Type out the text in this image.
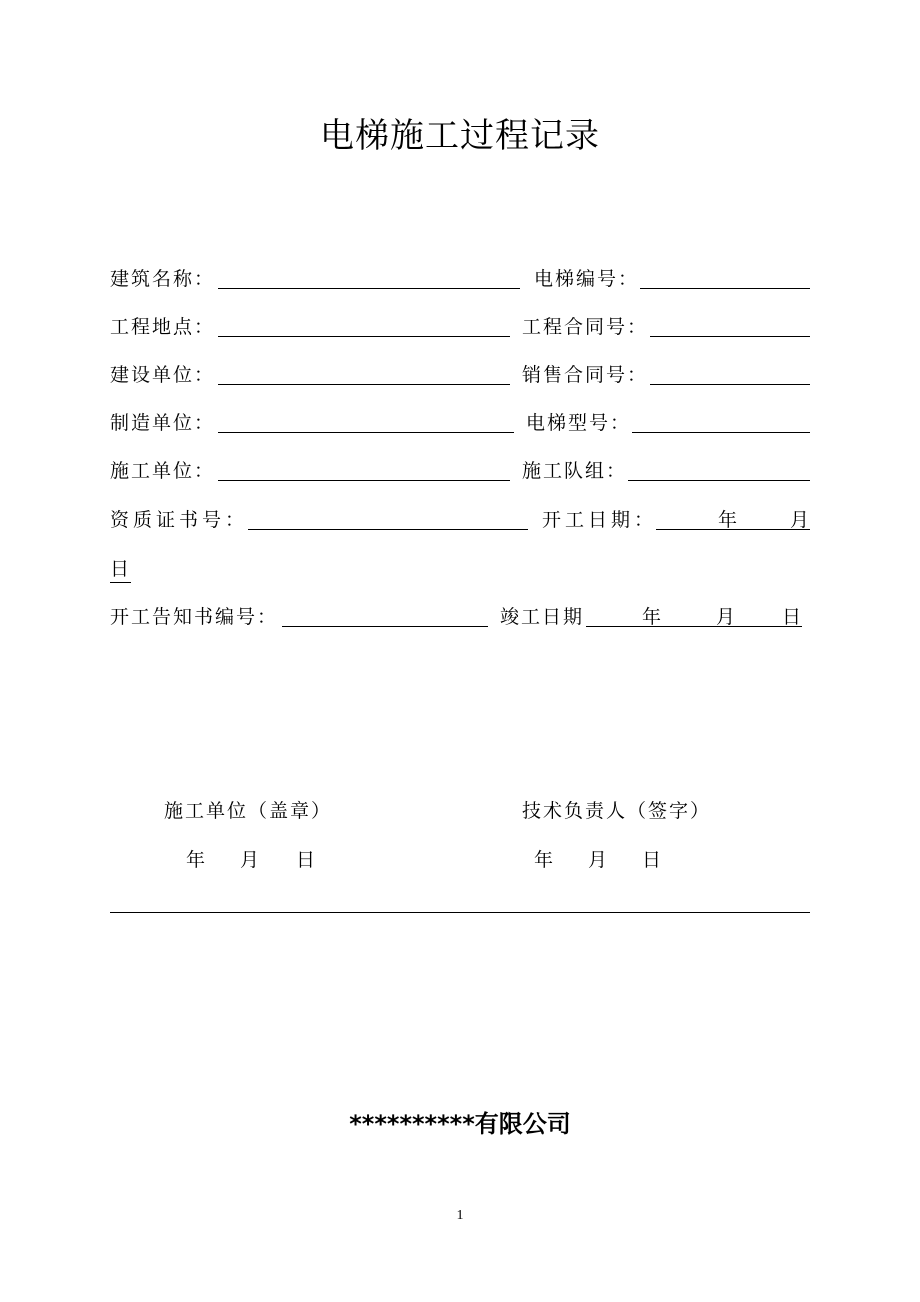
电梯施工过程记录
建筑名称：	电梯编号：
工程地点：	工程合同号：
建设单位：	销售合同号：
制造单位：	电梯型号：
施工单位：	施工队组：
资质证书号：	开工日期：	年	月
日
开工告知书编号：	竣工日期	年	月 日
施工单位（盖章）	技术负责人（签字）
年 月 日	年 月 日
**********有限公司
1
